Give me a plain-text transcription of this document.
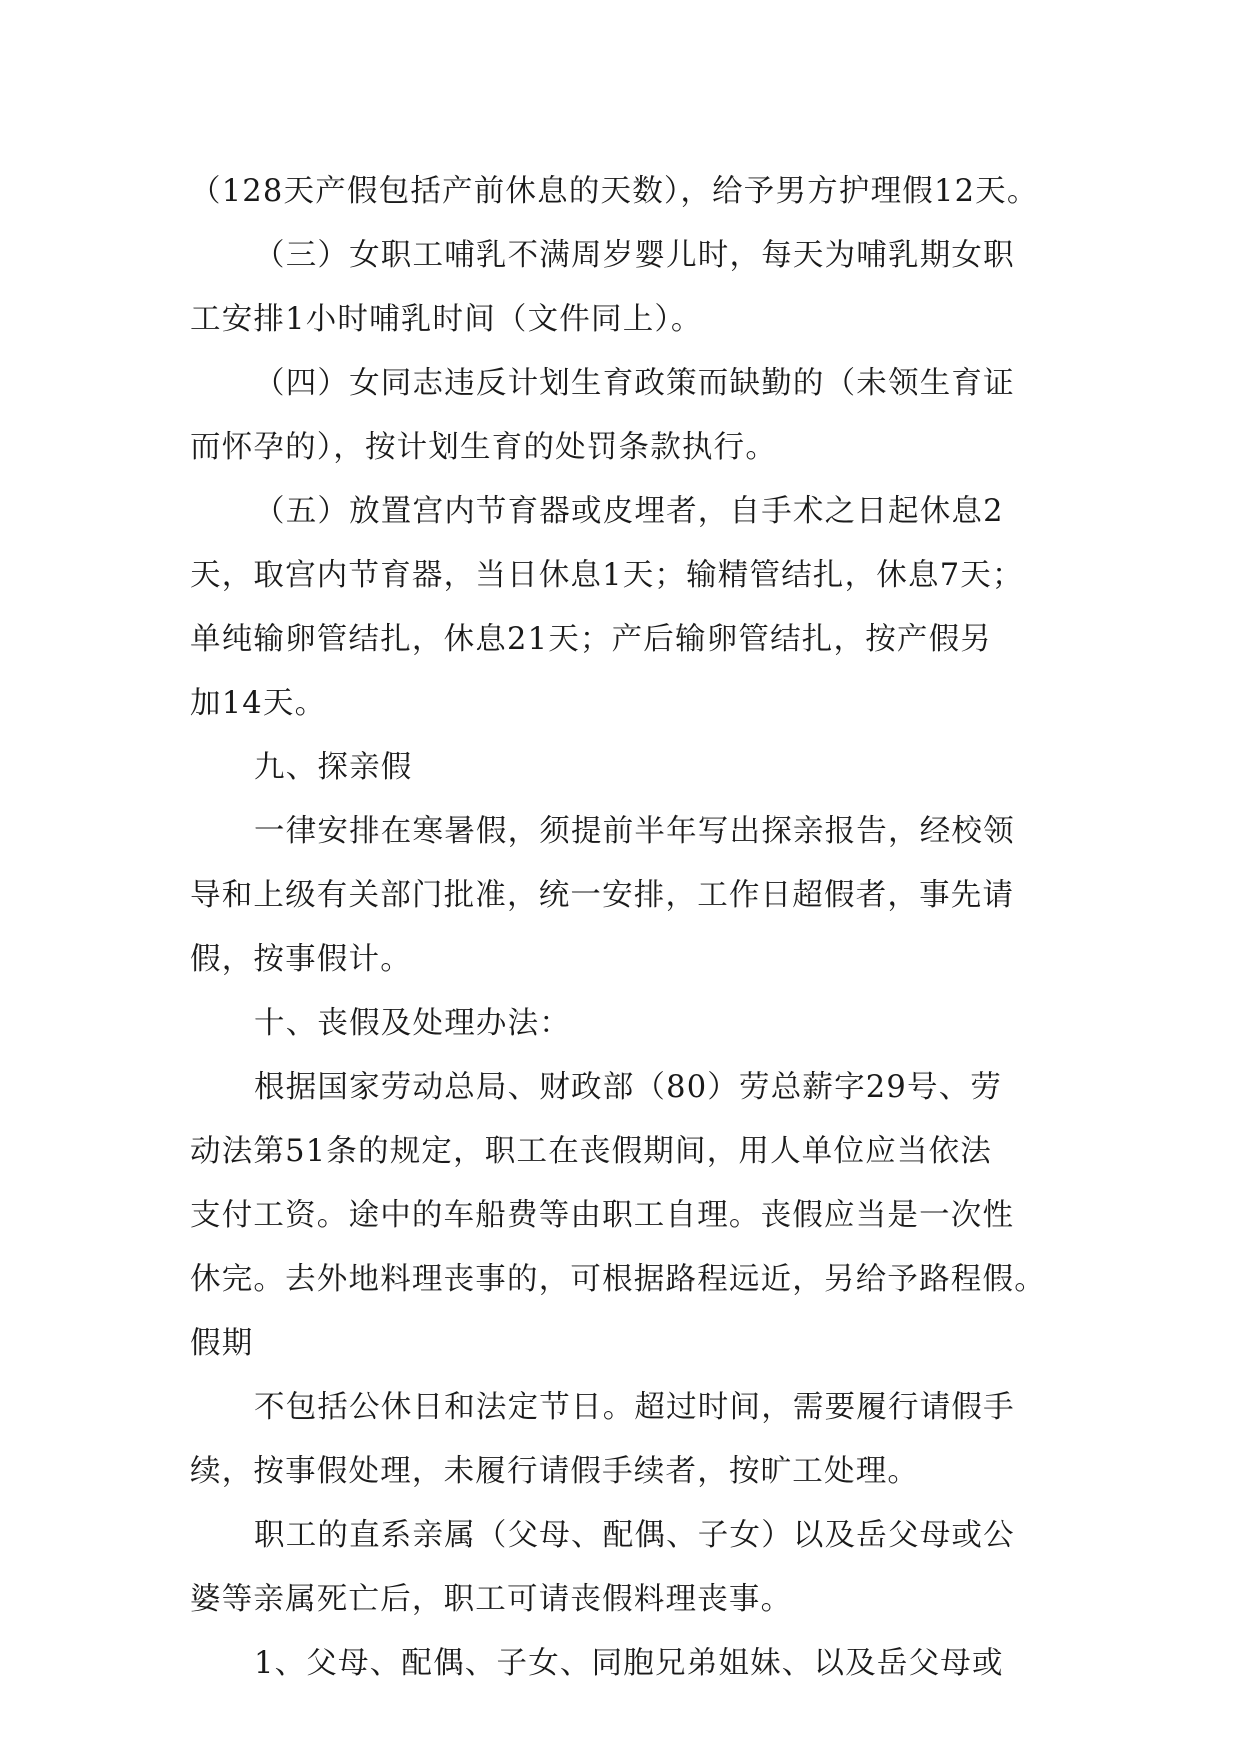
（128天产假包括产前休息的天数），给予男方护理假12天。
（三）女职工哺乳不满周岁婴儿时，每天为哺乳期女职
工安排1小时哺乳时间（文件同上）。
（四）女同志违反计划生育政策而缺勤的（未领生育证
而怀孕的），按计划生育的处罚条款执行。
（五）放置宫内节育器或皮埋者，自手术之日起休息2
天，取宫内节育器，当日休息1天；输精管结扎，休息7天；
单纯输卵管结扎，休息21天；产后输卵管结扎，按产假另
加14天。
九、探亲假
一律安排在寒暑假，须提前半年写出探亲报告，经校领
导和上级有关部门批准，统一安排，工作日超假者，事先请
假，按事假计。
十、丧假及处理办法：
根据国家劳动总局、财政部（80）劳总薪字29号、劳
动法第51条的规定，职工在丧假期间，用人单位应当依法
支付工资。途中的车船费等由职工自理。丧假应当是一次性
休完。去外地料理丧事的，可根据路程远近，另给予路程假。
假期
不包括公休日和法定节日。超过时间，需要履行请假手
续，按事假处理，未履行请假手续者，按旷工处理。
职工的直系亲属（父母、配偶、子女）以及岳父母或公
婆等亲属死亡后，职工可请丧假料理丧事。
1、父母、配偶、子女、同胞兄弟姐妹、以及岳父母或
